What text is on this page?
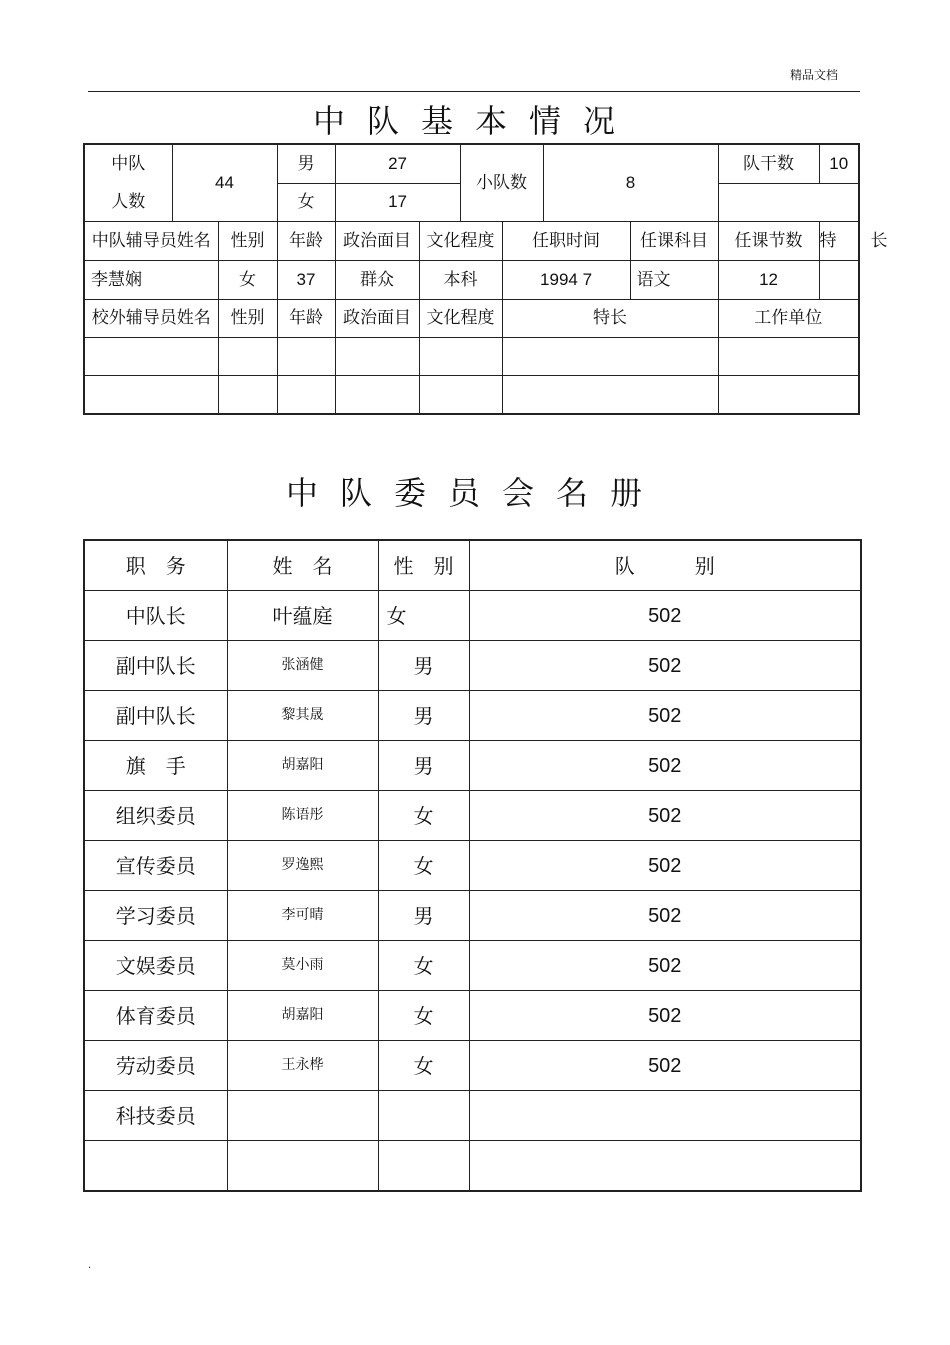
精品文档
中队基本情况
中队
人数	44		男	27		小队数		8		队干数	10
			女	17							
中队辅导员姓名		性别	年龄	政治面目	文化程度		任职时间		任课科目	任课节数	特　　长
李慧娴		女	37	群众	本科		1994 7		语文	12	
校外辅导员姓名		性别	年龄	政治面目	文化程度		特长			工作单位	

中队委员会名册
职　务	姓　名	性　别	队　　　别
中队长	叶蕴庭	女	502
副中队长	张涵健	男	502
副中队长	黎其晟	男	502
旗　手	胡嘉阳	男	502
组织委员	陈语彤	女	502
宣传委员	罗逸熙	女	502
学习委员	李可晴	男	502
文娱委员	莫小雨	女	502
体育委员	胡嘉阳	女	502
劳动委员	王永桦	女	502
科技委员			

.
